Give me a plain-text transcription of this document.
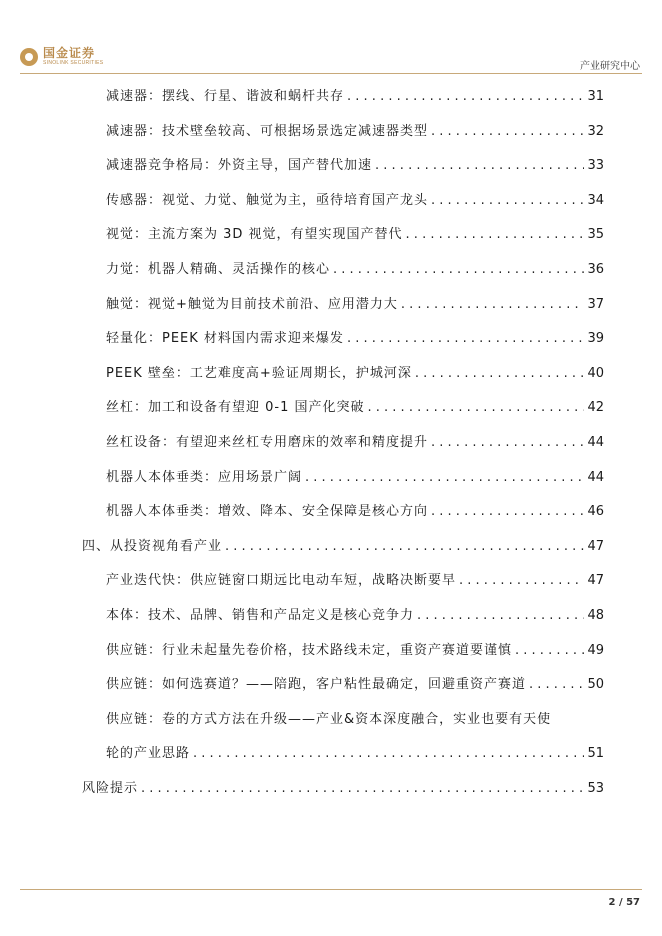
国金证券
SINOLINK SECURITIES	产业研究中心
减速器：摆线、行星、谐波和蜗杆共存 . . .	31
减速器：技术壁垒较高、可根据场景选定减速器类型 . . .	32
减速器竞争格局：外资主导，国产替代加速 . . .	33
传感器：视觉、力觉、触觉为主，亟待培育国产龙头 . . .	34
视觉：主流方案为 3D 视觉，有望实现国产替代 . . .	35
力觉：机器人精确、灵活操作的核心 . . .	36
触觉：视觉+触觉为目前技术前沿、应用潜力大 . . .	37
轻量化：PEEK 材料国内需求迎来爆发 . . .	39
PEEK 壁垒：工艺难度高+验证周期长，护城河深 . . .	40
丝杠：加工和设备有望迎 0-1 国产化突破 . . .	42
丝杠设备：有望迎来丝杠专用磨床的效率和精度提升 . . .	44
机器人本体垂类：应用场景广阔 . . .	44
机器人本体垂类：增效、降本、安全保障是核心方向 . . .	46
四、从投资视角看产业 . . .	47
产业迭代快：供应链窗口期远比电动车短，战略决断要早 . . .	47
本体：技术、品牌、销售和产品定义是核心竞争力 . . .	48
供应链：行业未起量先卷价格，技术路线未定，重资产赛道要谨慎 . . .	49
供应链：如何选赛道？——陪跑，客户粘性最确定，回避重资产赛道 . . .	50
供应链：卷的方式方法在升级——产业&资本深度融合，实业也要有天使
轮的产业思路 . . .	51
风险提示 . . .	53
2 / 57
